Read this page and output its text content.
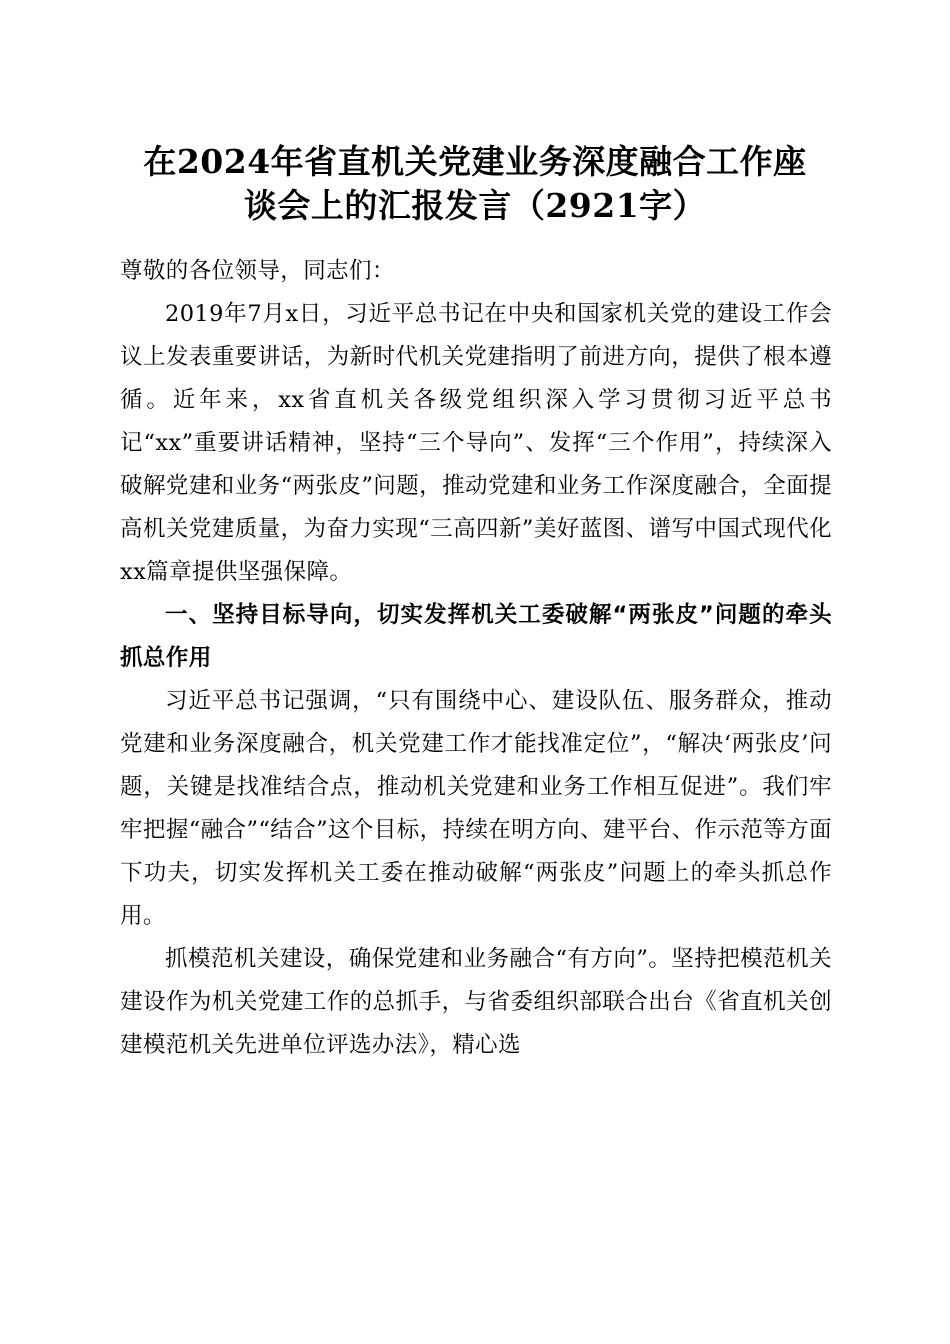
在2024年省直机关党建业务深度融合工作座
谈会上的汇报发言（2921字）

尊敬的各位领导，同志们：

2019年7月x日，习近平总书记在中央和国家机关党的建设工作会议上发表重要讲话，为新时代机关党建指明了前进方向，提供了根本遵循。近年来，xx省直机关各级党组织深入学习贯彻习近平总书记“xx”重要讲话精神，坚持“三个导向”、发挥“三个作用”，持续深入破解党建和业务“两张皮”问题，推动党建和业务工作深度融合，全面提高机关党建质量，为奋力实现“三高四新”美好蓝图、谱写中国式现代化xx篇章提供坚强保障。

一、坚持目标导向，切实发挥机关工委破解“两张皮”问题的牵头抓总作用

习近平总书记强调，“只有围绕中心、建设队伍、服务群众，推动党建和业务深度融合，机关党建工作才能找准定位”，“解决‘两张皮’问题，关键是找准结合点，推动机关党建和业务工作相互促进”。我们牢牢把握“融合”“结合”这个目标，持续在明方向、建平台、作示范等方面下功夫，切实发挥机关工委在推动破解“两张皮”问题上的牵头抓总作用。

抓模范机关建设，确保党建和业务融合“有方向”。坚持把模范机关建设作为机关党建工作的总抓手，与省委组织部联合出台《省直机关创建模范机关先进单位评选办法》，精心选
